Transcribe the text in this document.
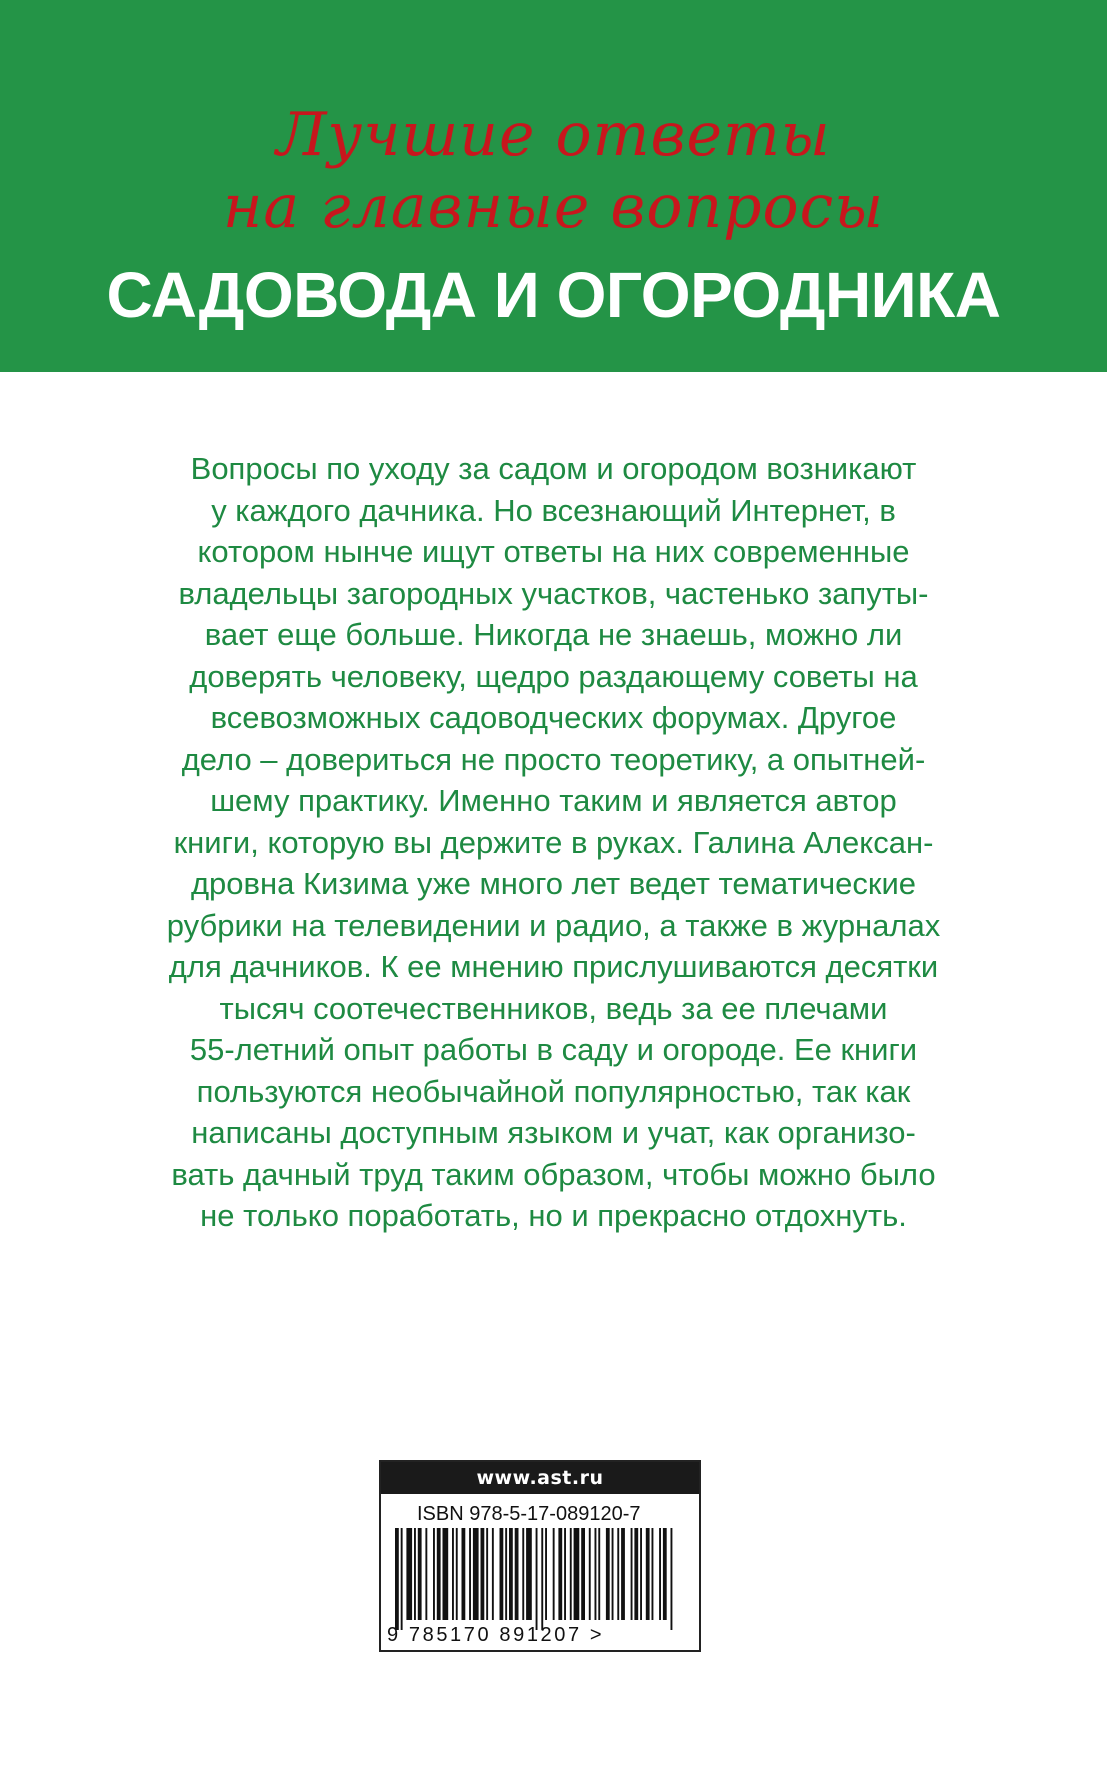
Лучшие ответы
на главные вопросы
САДОВОДА И ОГОРОДНИКА

Вопросы по уходу за садом и огородом возникают
у каждого дачника. Но всезнающий Интернет, в
котором нынче ищут ответы на них современные
владельцы загородных участков, частенько запуты-
вает еще больше. Никогда не знаешь, можно ли
доверять человеку, щедро раздающему советы на
всевозможных садоводческих форумах. Другое
дело – довериться не просто теоретику, а опытней-
шему практику. Именно таким и является автор
книги, которую вы держите в руках. Галина Алексан-
дровна Кизима уже много лет ведет тематические
рубрики на телевидении и радио, а также в журналах
для дачников. К ее мнению прислушиваются десятки
тысяч соотечественников, ведь за ее плечами
55-летний опыт работы в саду и огороде. Ее книги
пользуются необычайной популярностью, так как
написаны доступным языком и учат, как организо-
вать дачный труд таким образом, чтобы можно было
не только поработать, но и прекрасно отдохнуть.

www.ast.ru
ISBN 978-5-17-089120-7
9 785170 891207 >
